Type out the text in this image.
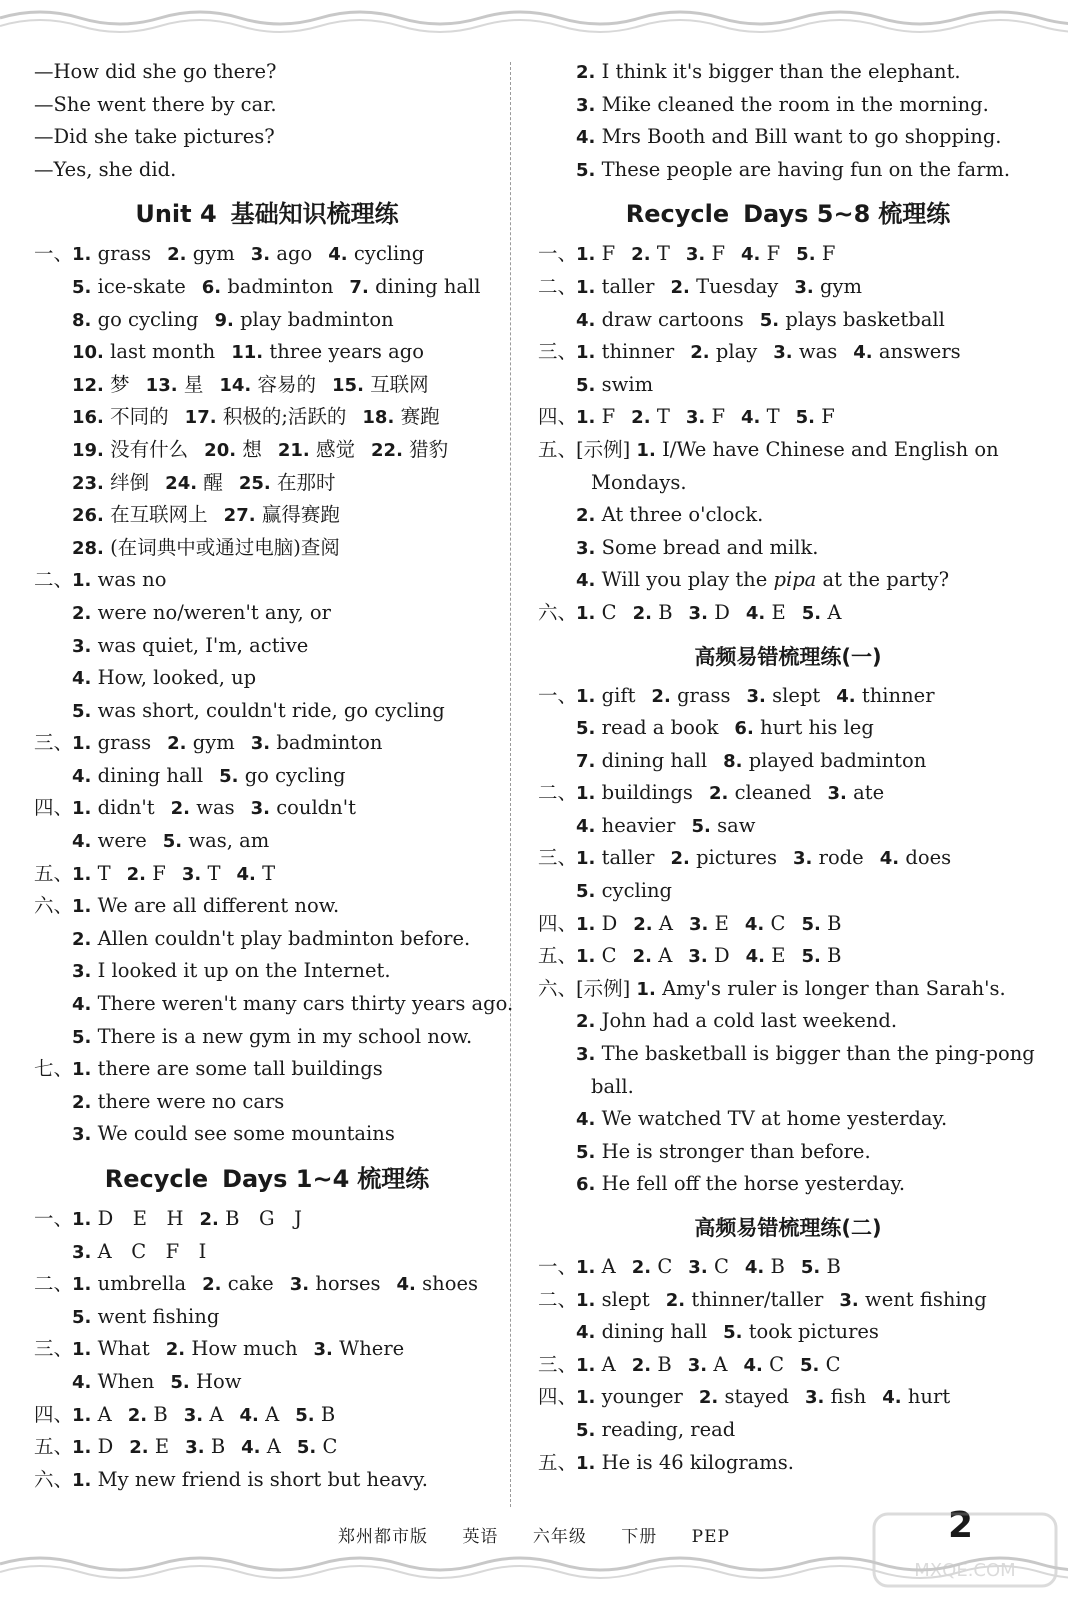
—How did she go there?
—She went there by car.
—Did she take pictures?
—Yes, she did.
Unit 4 基础知识梳理练
一、1. grass 2. gym 3. ago 4. cycling
5. ice-skate 6. badminton 7. dining hall
8. go cycling 9. play badminton
10. last month 11. three years ago
12. 梦 13. 星 14. 容易的 15. 互联网
16. 不同的 17. 积极的;活跃的 18. 赛跑
19. 没有什么 20. 想 21. 感觉 22. 猎豹
23. 绊倒 24. 醒 25. 在那时
26. 在互联网上 27. 赢得赛跑
28. (在词典中或通过电脑)查阅
二、1. was no
2. were no/weren't any, or
3. was quiet, I'm, active
4. How, looked, up
5. was short, couldn't ride, go cycling
三、1. grass 2. gym 3. badminton
4. dining hall 5. go cycling
四、1. didn't 2. was 3. couldn't
4. were 5. was, am
五、1. T 2. F 3. T 4. T
六、1. We are all different now.
2. Allen couldn't play badminton before.
3. I looked it up on the Internet.
4. There weren't many cars thirty years ago.
5. There is a new gym in my school now.
七、1. there are some tall buildings
2. there were no cars
3. We could see some mountains
Recycle Days 1~4 梳理练
一、1. D　E　H 2. B　G　J
3. A　C　F　I
二、1. umbrella 2. cake 3. horses 4. shoes
5. went fishing
三、1. What 2. How much 3. Where
4. When 5. How
四、1. A 2. B 3. A 4. A 5. B
五、1. D 2. E 3. B 4. A 5. C
六、1. My new friend is short but heavy.
2. I think it's bigger than the elephant.
3. Mike cleaned the room in the morning.
4. Mrs Booth and Bill want to go shopping.
5. These people are having fun on the farm.
Recycle Days 5~8 梳理练
一、1. F 2. T 3. F 4. F 5. F
二、1. taller 2. Tuesday 3. gym
4. draw cartoons 5. plays basketball
三、1. thinner 2. play 3. was 4. answers
5. swim
四、1. F 2. T 3. F 4. T 5. F
五、[示例] 1. I/We have Chinese and English on
Mondays.
2. At three o'clock.
3. Some bread and milk.
4. Will you play the pipa at the party?
六、1. C 2. B 3. D 4. E 5. A
高频易错梳理练(一)
一、1. gift 2. grass 3. slept 4. thinner
5. read a book 6. hurt his leg
7. dining hall 8. played badminton
二、1. buildings 2. cleaned 3. ate
4. heavier 5. saw
三、1. taller 2. pictures 3. rode 4. does
5. cycling
四、1. D 2. A 3. E 4. C 5. B
五、1. C 2. A 3. D 4. E 5. B
六、[示例] 1. Amy's ruler is longer than Sarah's.
2. John had a cold last weekend.
3. The basketball is bigger than the ping-pong
ball.
4. We watched TV at home yesterday.
5. He is stronger than before.
6. He fell off the horse yesterday.
高频易错梳理练(二)
一、1. A 2. C 3. C 4. B 5. B
二、1. slept 2. thinner/taller 3. went fishing
4. dining hall 5. took pictures
三、1. A 2. B 3. A 4. C 5. C
四、1. younger 2. stayed 3. fish 4. hurt
5. reading, read
五、1. He is 46 kilograms.
郑州都市版 英语 六年级 下册 PEP	2
MXQE.COM
